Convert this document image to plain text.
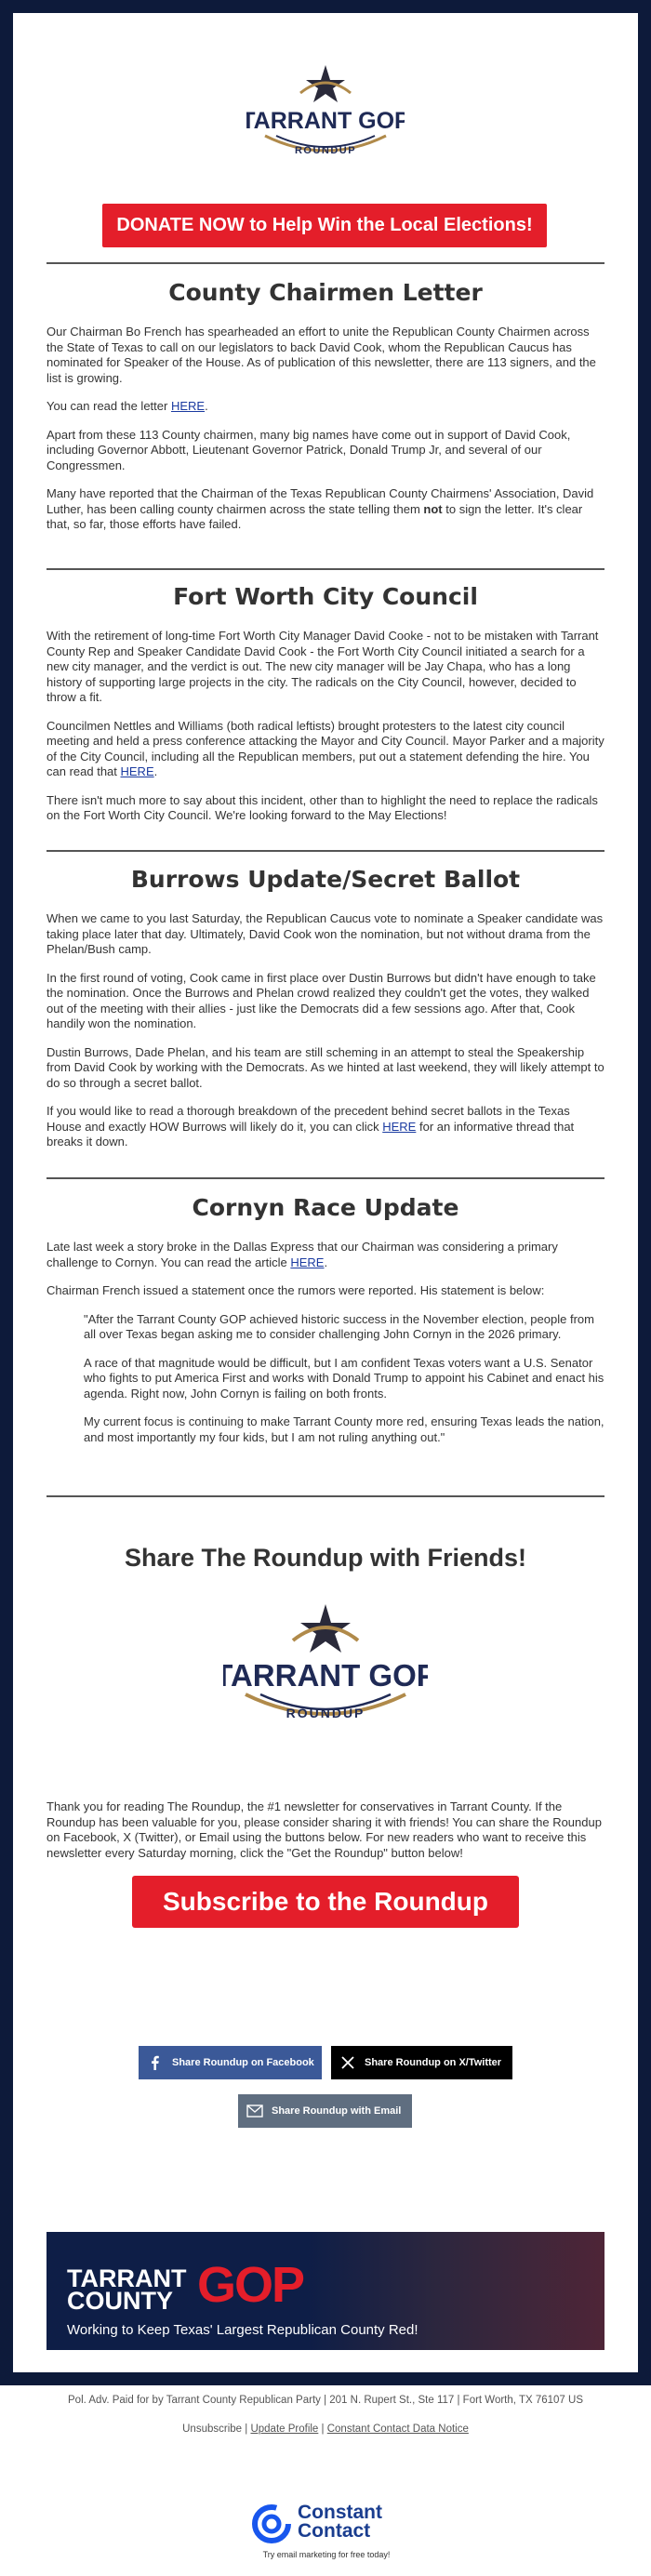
TARRANT GOP
ROUNDUP
DONATE NOW to Help Win the Local Elections!
County Chairmen Letter

Our Chairman Bo French has spearheaded an effort to unite the Republican County Chairmen across the State of Texas to call on our legislators to back David Cook, whom the Republican Caucus has nominated for Speaker of the House. As of publication of this newsletter, there are 113 signers, and the list is growing.

You can read the letter HERE.

Apart from these 113 County chairmen, many big names have come out in support of David Cook, including Governor Abbott, Lieutenant Governor Patrick, Donald Trump Jr, and several of our Congressmen.

Many have reported that the Chairman of the Texas Republican County Chairmens' Association, David Luther, has been calling county chairmen across the state telling them not to sign the letter. It's clear that, so far, those efforts have failed.

Fort Worth City Council

With the retirement of long-time Fort Worth City Manager David Cooke - not to be mistaken with Tarrant County Rep and Speaker Candidate David Cook - the Fort Worth City Council initiated a search for a new city manager, and the verdict is out. The new city manager will be Jay Chapa, who has a long history of supporting large projects in the city. The radicals on the City Council, however, decided to throw a fit.

Councilmen Nettles and Williams (both radical leftists) brought protesters to the latest city council meeting and held a press conference attacking the Mayor and City Council. Mayor Parker and a majority of the City Council, including all the Republican members, put out a statement defending the hire. You can read that HERE.

There isn't much more to say about this incident, other than to highlight the need to replace the radicals on the Fort Worth City Council. We're looking forward to the May Elections!

Burrows Update/Secret Ballot

When we came to you last Saturday, the Republican Caucus vote to nominate a Speaker candidate was taking place later that day. Ultimately, David Cook won the nomination, but not without drama from the Phelan/Bush camp.

In the first round of voting, Cook came in first place over Dustin Burrows but didn't have enough to take the nomination. Once the Burrows and Phelan crowd realized they couldn't get the votes, they walked out of the meeting with their allies - just like the Democrats did a few sessions ago. After that, Cook handily won the nomination.

Dustin Burrows, Dade Phelan, and his team are still scheming in an attempt to steal the Speakership from David Cook by working with the Democrats. As we hinted at last weekend, they will likely attempt to do so through a secret ballot.

If you would like to read a thorough breakdown of the precedent behind secret ballots in the Texas House and exactly HOW Burrows will likely do it, you can click HERE for an informative thread that breaks it down.

Cornyn Race Update

Late last week a story broke in the Dallas Express that our Chairman was considering a primary challenge to Cornyn. You can read the article HERE.

Chairman French issued a statement once the rumors were reported. His statement is below:

"After the Tarrant County GOP achieved historic success in the November election, people from all over Texas began asking me to consider challenging John Cornyn in the 2026 primary.

A race of that magnitude would be difficult, but I am confident Texas voters want a U.S. Senator who fights to put America First and works with Donald Trump to appoint his Cabinet and enact his agenda. Right now, John Cornyn is failing on both fronts.

My current focus is continuing to make Tarrant County more red, ensuring Texas leads the nation, and most importantly my four kids, but I am not ruling anything out."

Share The Roundup with Friends!
TARRANT GOP
ROUNDUP

Thank you for reading The Roundup, the #1 newsletter for conservatives in Tarrant County. If the Roundup has been valuable for you, please consider sharing it with friends! You can share the Roundup on Facebook, X (Twitter), or Email using the buttons below. For new readers who want to receive this newsletter every Saturday morning, click the "Get the Roundup" button below!

Subscribe to the Roundup
Share Roundup on Facebook	Share Roundup on X/Twitter
Share Roundup with Email
TARRANT
COUNTY GOP
Working to Keep Texas' Largest Republican County Red!
Pol. Adv. Paid for by Tarrant County Republican Party | 201 N. Rupert St., Ste 117 | Fort Worth, TX 76107 US
Unsubscribe | Update Profile | Constant Contact Data Notice
Constant
Contact
Try email marketing for free today!
